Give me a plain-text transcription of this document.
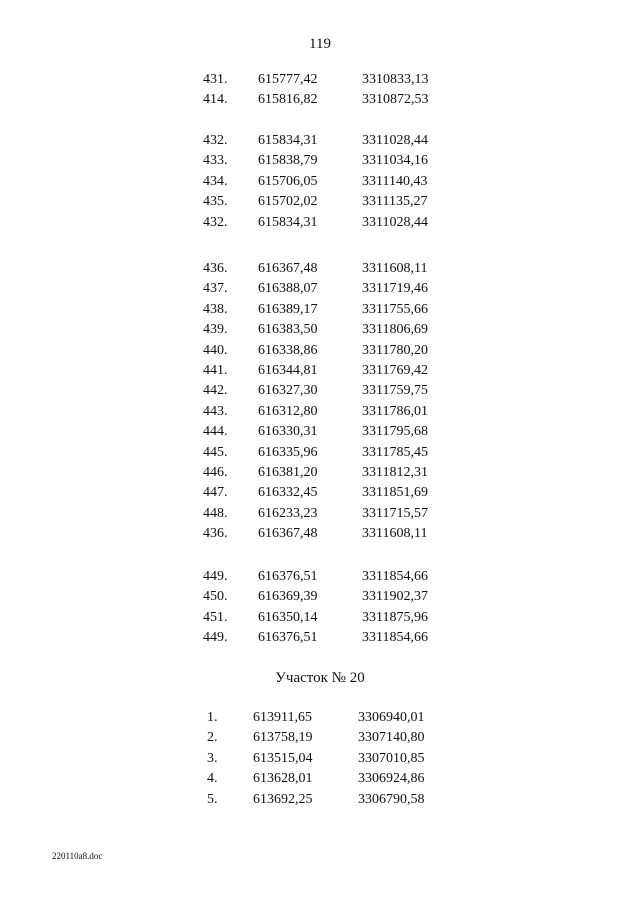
119
431. 615777,42	3310833,13
414. 615816,82	3310872,53
432. 615834,31	3311028,44
433. 615838,79	3311034,16
434. 615706,05	3311140,43
435. 615702,02	3311135,27
432. 615834,31	3311028,44
436. 616367,48	3311608,11
437. 616388,07	3311719,46
438. 616389,17	3311755,66
439. 616383,50	3311806,69
440. 616338,86	3311780,20
441. 616344,81	3311769,42
442. 616327,30	3311759,75
443. 616312,80	3311786,01
444. 616330,31	3311795,68
445. 616335,96	3311785,45
446. 616381,20	3311812,31
447. 616332,45	3311851,69
448. 616233,23	3311715,57
436. 616367,48	3311608,11
449. 616376,51	3311854,66
450. 616369,39	3311902,37
451. 616350,14	3311875,96
449. 616376,51	3311854,66
Участок № 20
1.	613911,65	3306940,01
2.	613758,19	3307140,80
3.	613515,04	3307010,85
4.	613628,01	3306924,86
5.	613692,25	3306790,58
220110a8.doc
